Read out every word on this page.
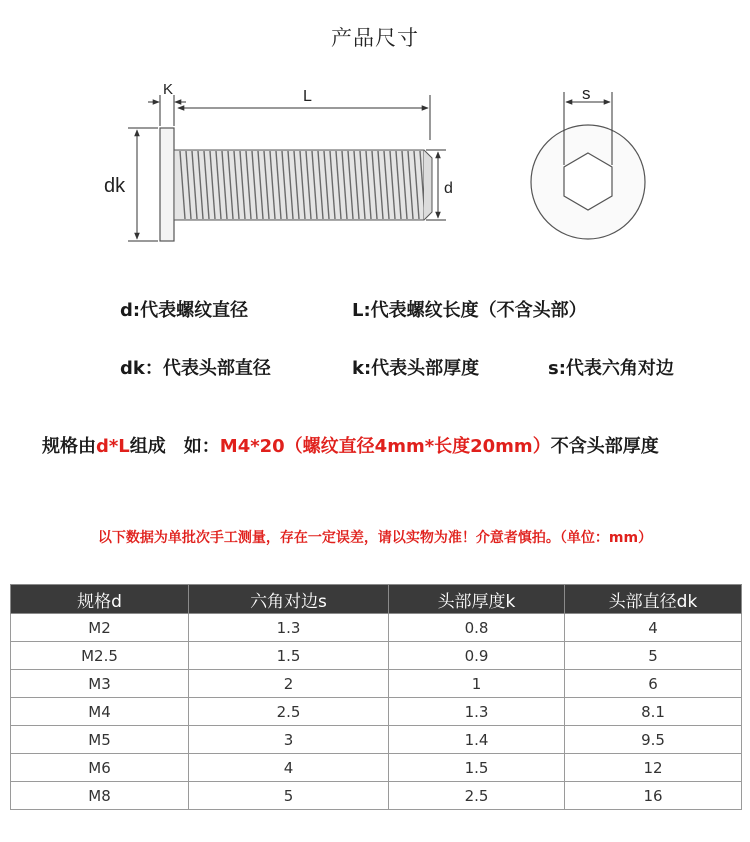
产品尺寸
K	L
dk	d
s
d:代表螺纹直径	L:代表螺纹长度（不含头部）
dk：代表头部直径	k:代表头部厚度	s:代表六角对边
规格由d*L组成　如：M4*20（螺纹直径4mm*长度20mm）不含头部厚度
以下数据为单批次手工测量，存在一定误差，请以实物为准！介意者慎拍。（单位：mm）
规格d	六角对边s	头部厚度k	头部直径dk
M2	1.3	0.8	4
M2.5	1.5	0.9	5
M3	2	1	6
M4	2.5	1.3	8.1
M5	3	1.4	9.5
M6	4	1.5	12
M8	5	2.5	16
